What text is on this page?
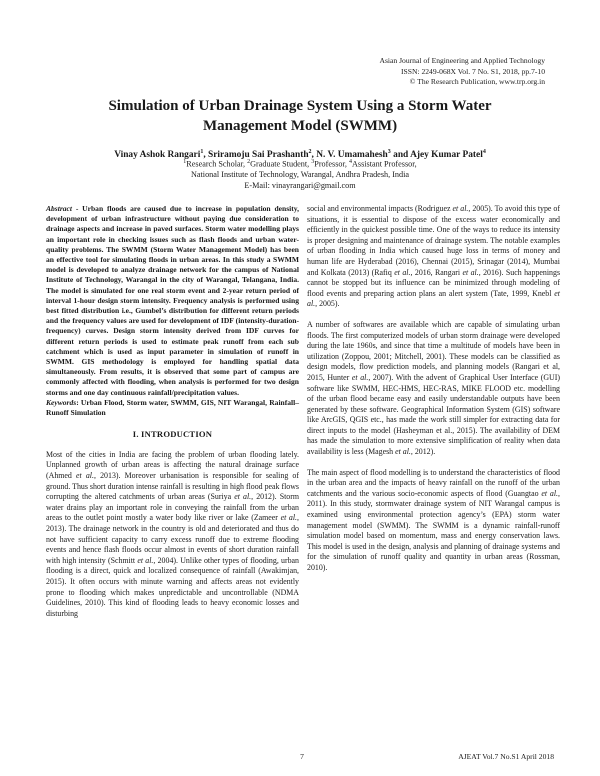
Asian Journal of Engineering and Applied Technology
ISSN: 2249-068X Vol. 7 No. S1, 2018, pp.7-10
© The Research Publication, www.trp.org.in
Simulation of Urban Drainage System Using a Storm Water Management Model (SWMM)
Vinay Ashok Rangari$^1$, Sriramoju Sai Prashanth$^2$, N. V. Umamahesh$^3$ and Ajey Kumar Patel$^4$
$^1$Research Scholar, $^2$Graduate Student, $^3$Professor, $^4$Assistant Professor,
National Institute of Technology, Warangal, Andhra Pradesh, India
E-Mail: vinayrangari@gmail.com

Abstract - Urban floods are caused due to increase in population density, development of urban infrastructure without paying due consideration to drainage aspects and increase in paved surfaces. Storm water modelling plays an important role in checking issues such as flash floods and urban water-quality problems. The SWMM (Storm Water Management Model) has been an effective tool for simulating floods in urban areas. In this study a SWMM model is developed to analyze drainage network for the campus of National Institute of Technology, Warangal in the city of Warangal, Telangana, India. The model is simulated for one real storm event and 2-year return period of interval 1-hour design storm intensity. Frequency analysis is performed using best fitted distribution i.e., Gumbel’s distribution for different return periods and the frequency values are used for development of IDF (intensity-duration-frequency) curves. Design storm intensity derived from IDF curves for different return periods is used to estimate peak runoff from each sub catchment which is used as input parameter in simulation of runoff in SWMM. GIS methodology is employed for handling spatial data simultaneously. From results, it is observed that some part of campus are commonly affected with flooding, when analysis is performed for two design storms and one day continuous rainfall/precipitation values.

Keywords: Urban Flood, Storm water, SWMM, GIS, NIT Warangal, Rainfall–Runoff Simulation

I. INTRODUCTION

Most of the cities in India are facing the problem of urban flooding lately. Unplanned growth of urban areas is affecting the natural drainage surface (Ahmed et al., 2013). Moreover urbanisation is responsible for sealing of ground. Thus short duration intense rainfall is resulting in high flood peak flows corrupting the altered catchments of urban areas (Suriya et al., 2012). Storm water drains play an important role in conveying the rainfall from the urban areas to the outlet point mostly a water body like river or lake (Zameer et al., 2013). The drainage network in the country is old and deteriorated and thus do not have sufficient capacity to carry excess runoff due to extreme flooding events and hence flash floods occur almost in events of short duration rainfall with high intensity (Schmitt et al., 2004). Unlike other types of flooding, urban flooding is a direct, quick and localized consequence of rainfall (Awakimjan, 2015). It often occurs with minute warning and affects areas not evidently prone to flooding which makes unpredictable and uncontrollable (NDMA Guidelines, 2010). This kind of flooding leads to heavy economic losses and disturbing

social and environmental impacts (Rodriguez et al., 2005). To avoid this type of situations, it is essential to dispose of the excess water economically and efficiently in the quickest possible time. One of the ways to reduce its intensity is proper designing and maintenance of drainage system. The notable examples of urban flooding in India which caused huge loss in terms of money and human life are Hyderabad (2016), Chennai (2015), Srinagar (2014), Mumbai and Kolkata (2013) (Rafiq et al., 2016, Rangari et al., 2016). Such happenings cannot be stopped but its influence can be minimized through modeling of flood events and preparing action plans an alert system (Tate, 1999, Knebl et al., 2005).

A number of softwares are available which are capable of simulating urban floods. The first computerized models of urban storm drainage were developed during the late 1960s, and since that time a multitude of models have been in utilization (Zoppou, 2001; Mitchell, 2001). These models can be classified as design models, flow prediction models, and planning models (Rangari et al, 2015, Hunter et al., 2007). With the advent of Graphical User Interface (GUI) software like SWMM, HEC-HMS, HEC-RAS, MIKE FLOOD etc. modelling of the urban flood became easy and easily understandable outputs have been generated by these software. Geographical Information System (GIS) software like ArcGIS, QGIS etc., has made the work still simpler for extracting data for direct inputs to the model (Hasheyman et al., 2015). The availability of DEM has made the simulation to more extensive simplification of reality when data availability is less (Magesh et al., 2012).

The main aspect of flood modelling is to understand the characteristics of flood in the urban area and the impacts of heavy rainfall on the runoff of the urban catchments and the various socio-economic aspects of flood (Guangtao et al., 2011). In this study, stormwater drainage system of NIT Warangal campus is examined using environmental protection agency’s (EPA) storm water management model (SWMM). The SWMM is a dynamic rainfall-runoff simulation model based on momentum, mass and energy conservation laws. This model is used in the design, analysis and planning of drainage systems and for the simulation of runoff quality and quantity in urban areas (Rossman, 2010).

7	AJEAT Vol.7 No.S1 April 2018
